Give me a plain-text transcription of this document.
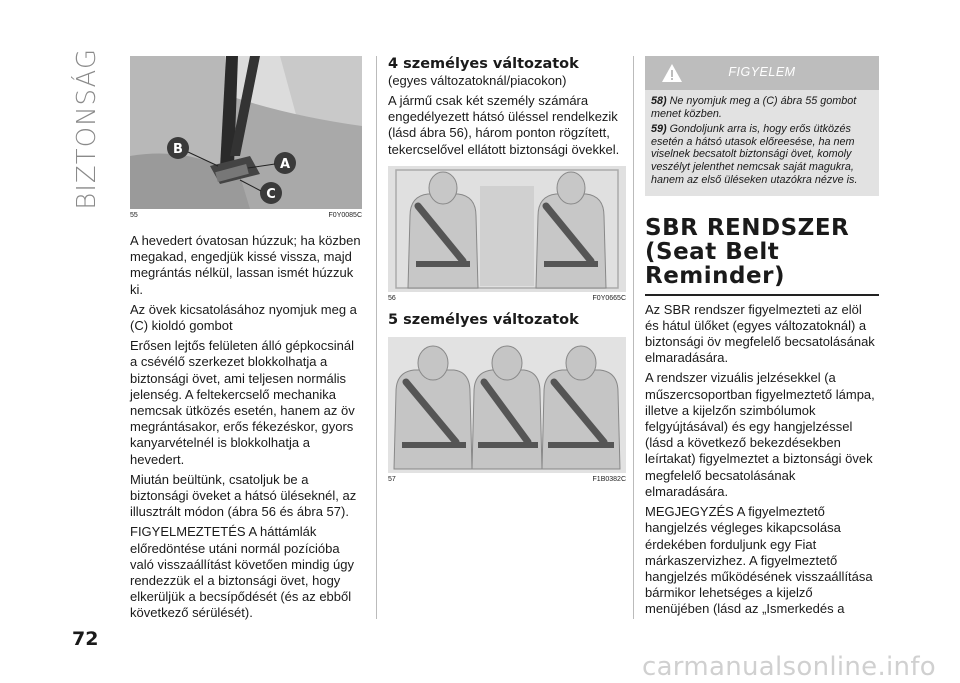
BIZTONSÁG
72
B
A
C
55	F0Y0085C

A hevedert óvatosan húzzuk; ha közben megakad, engedjük kissé vissza, majd megrántás nélkül, lassan ismét húzzuk ki.

Az övek kicsatolásához nyomjuk meg a (C) kioldó gombot

Erősen lejtős felületen álló gépkocsinál a csévélő szerkezet blokkolhatja a biztonsági övet, ami teljesen normális jelenség. A feltekercselő mechanika nemcsak ütközés esetén, hanem az öv megrántásakor, erős fékezéskor, gyors kanyarvételnél is blokkolhatja a hevedert.

Miután beültünk, csatoljuk be a biztonsági öveket a hátsó üléseknél, az illusztrált módon (ábra 56 és ábra 57).

FIGYELMEZTETÉS A háttámlák előredöntése utáni normál pozícióba való visszaállítást követően mindig úgy rendezzük el a biztonsági övet, hogy elkerüljük a becsípődését (és az ebből következő sérülését).

4 személyes változatok
(egyes változatoknál/piacokon)

A jármű csak két személy számára engedélyezett hátsó üléssel rendelkezik (lásd ábra 56), három ponton rögzített, tekercselővel ellátott biztonsági övekkel.

56	F0Y0665C
5 személyes változatok
57	F1B0382C
FIGYELEM

58) Ne nyomjuk meg a (C) ábra 55 gombot menet közben.

59) Gondoljunk arra is, hogy erős ütközés esetén a hátsó utasok előreesése, ha nem viselnek becsatolt biztonsági övet, komoly veszélyt jelenthet nemcsak saját magukra, hanem az első üléseken utazókra nézve is.

SBR RENDSZER
(Seat Belt
Reminder)

Az SBR rendszer figyelmezteti az elöl és hátul ülőket (egyes változatoknál) a biztonsági öv megfelelő becsatolásának elmaradására.

A rendszer vizuális jelzésekkel (a műszercsoportban figyelmeztető lámpa, illetve a kijelzőn szimbólumok felgyújtásával) és egy hangjelzéssel (lásd a következő bekezdésekben leírtakat) figyelmeztet a biztonsági övek megfelelő becsatolásának elmaradására.

MEGJEGYZÉS A figyelmeztető hangjelzés végleges kikapcsolása érdekében forduljunk egy Fiat márkaszervizhez. A figyelmeztető hangjelzés működésének visszaállítása bármikor lehetséges a kijelző menüjében (lásd az „Ismerkedés a

carmanualsonline.info
